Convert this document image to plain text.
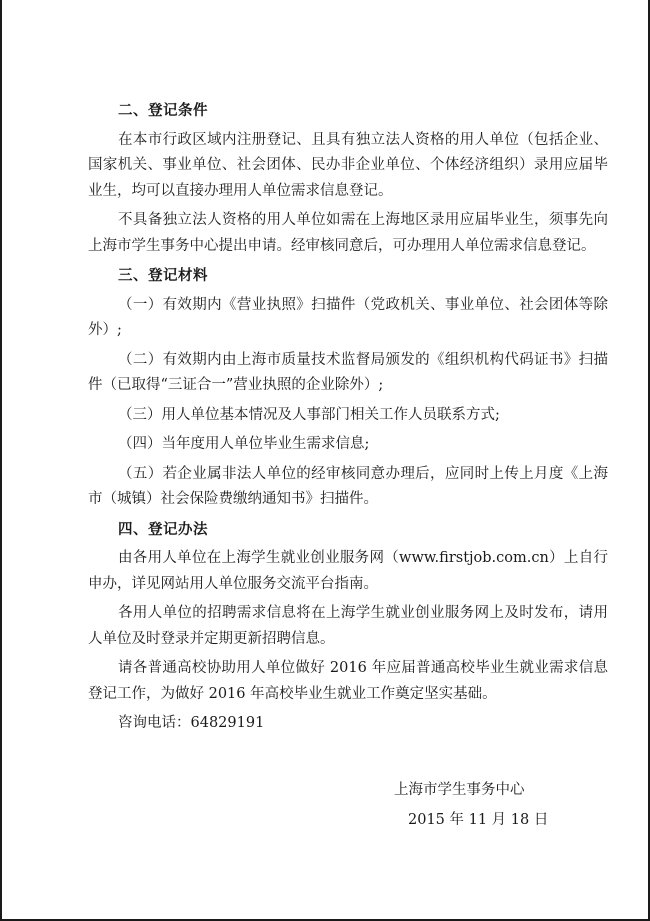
二、登记条件

在本市行政区域内注册登记、且具有独立法人资格的用人单位（包括企业、国家机关、事业单位、社会团体、民办非企业单位、个体经济组织）录用应届毕业生，均可以直接办理用人单位需求信息登记。

不具备独立法人资格的用人单位如需在上海地区录用应届毕业生，须事先向上海市学生事务中心提出申请。经审核同意后，可办理用人单位需求信息登记。

三、登记材料

（一）有效期内《营业执照》扫描件（党政机关、事业单位、社会团体等除外）;

（二）有效期内由上海市质量技术监督局颁发的《组织机构代码证书》扫描件（已取得“三证合一”营业执照的企业除外）;

（三）用人单位基本情况及人事部门相关工作人员联系方式;

（四）当年度用人单位毕业生需求信息;

（五）若企业属非法人单位的经审核同意办理后，应同时上传上月度《上海市（城镇）社会保险费缴纳通知书》扫描件。

四、登记办法

由各用人单位在上海学生就业创业服务网（www.firstjob.com.cn）上自行申办，详见网站用人单位服务交流平台指南。

各用人单位的招聘需求信息将在上海学生就业创业服务网上及时发布，请用人单位及时登录并定期更新招聘信息。

请各普通高校协助用人单位做好 2016 年应届普通高校毕业生就业需求信息登记工作，为做好 2016 年高校毕业生就业工作奠定坚实基础。

咨询电话：64829191

上海市学生事务中心
2015 年 11 月 18 日
